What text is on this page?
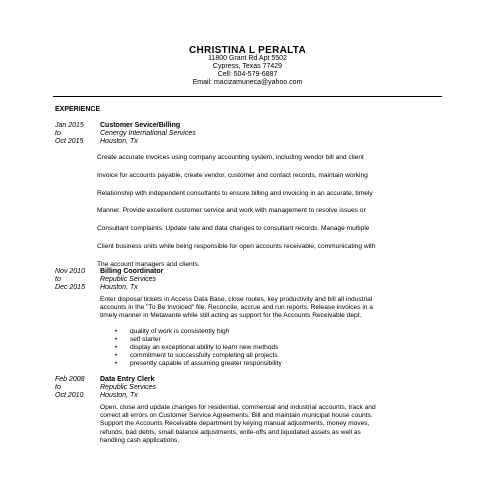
CHRISTINA L PERALTA
11800 Grant Rd Apt 5502
Cypress, Texas 77429
Cell: 504-579-6887
Email: macizamuneca@yahoo.com
EXPERIENCE
Jan 2015
to
Oct 2015
Customer Sevice/Billing
Cenergy International Services
Houston, Tx
Create accurate invoices using company accounting system, including vendor bill and client
Invoice for accounts payable, create vendor, customer and contact records, maintain working
Relationship with independent consultants to ensure billing and invoicing in an accurate, timely
Manner. Provide excellent customer service and work with management to resolve issues or
Consultant complaints. Update rate and data changes to consultant records. Manage multiple
Client business units while being responsible for open accounts receivable, communicating with
The account managers and clients.
Nov 2010
to
Dec 2015
Billing Coordinator
Republic Services
Houston, Tx
Enter disposal tickets in Access Data Base, close routes, key productivity and bill all industrial
accounts in the "To Be Invoiced" file. Reconcile, accrue and run reports. Release invoices in a
timely manner in Metavante while still acting as support for the Accounts Receivable dept.
• quality of work is consistently high
• self starter
• display an exceptional ability to learn new methods
• commitment to successfully completing all projects
• presently capable of assuming greater responsibility
Feb 2008
to
Oct 2010
Data Entry Clerk
Republic Services
Houston, Tx
Open, close and update changes for residential, commercial and industrial accounts, track and
correct all errors on Customer Service Agreements. Bill and maintain municipal house counts.
Support the Accounts Receivable department by keying manual adjustments, money moves,
refunds, bad debts, small balance adjustments, write-offs and liquidated assets as well as
handling cash applications.
